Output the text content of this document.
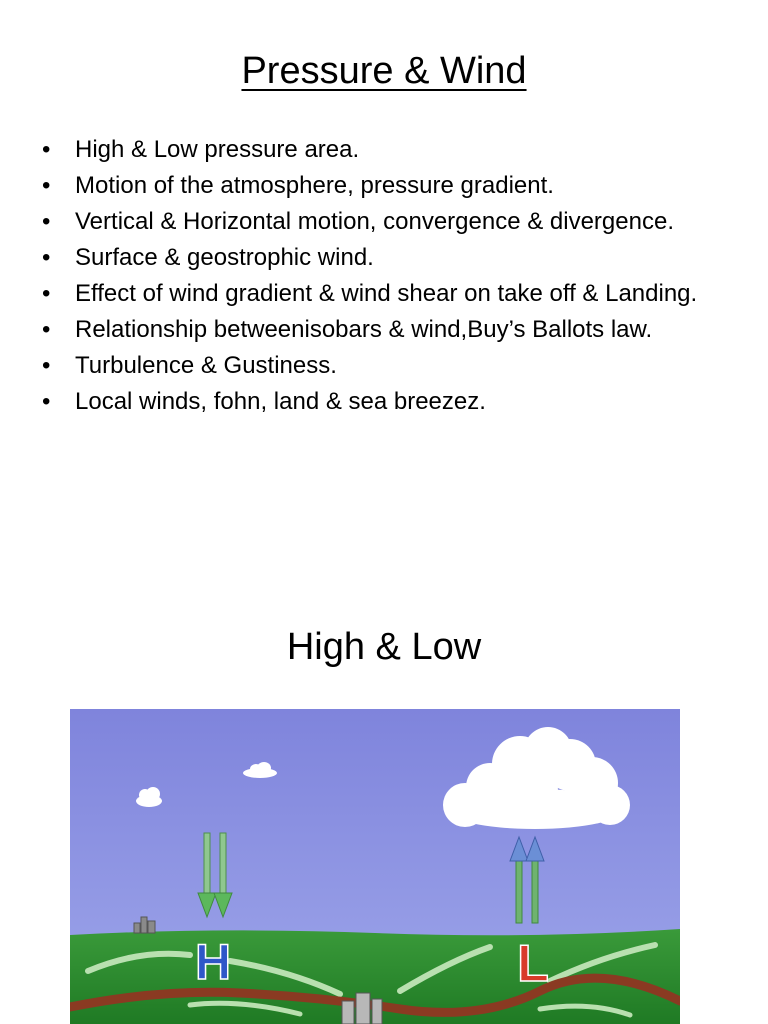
Pressure & Wind
• High & Low pressure area.
• Motion of the atmosphere, pressure gradient.
• Vertical & Horizontal motion, convergence & divergence.
• Surface & geostrophic wind.
• Effect of wind gradient & wind shear on take off & Landing.
• Relationship betweenisobars & wind,Buy’s Ballots law.
• Turbulence & Gustiness.
• Local winds, fohn, land & sea breezez.
High & Low
H	L
